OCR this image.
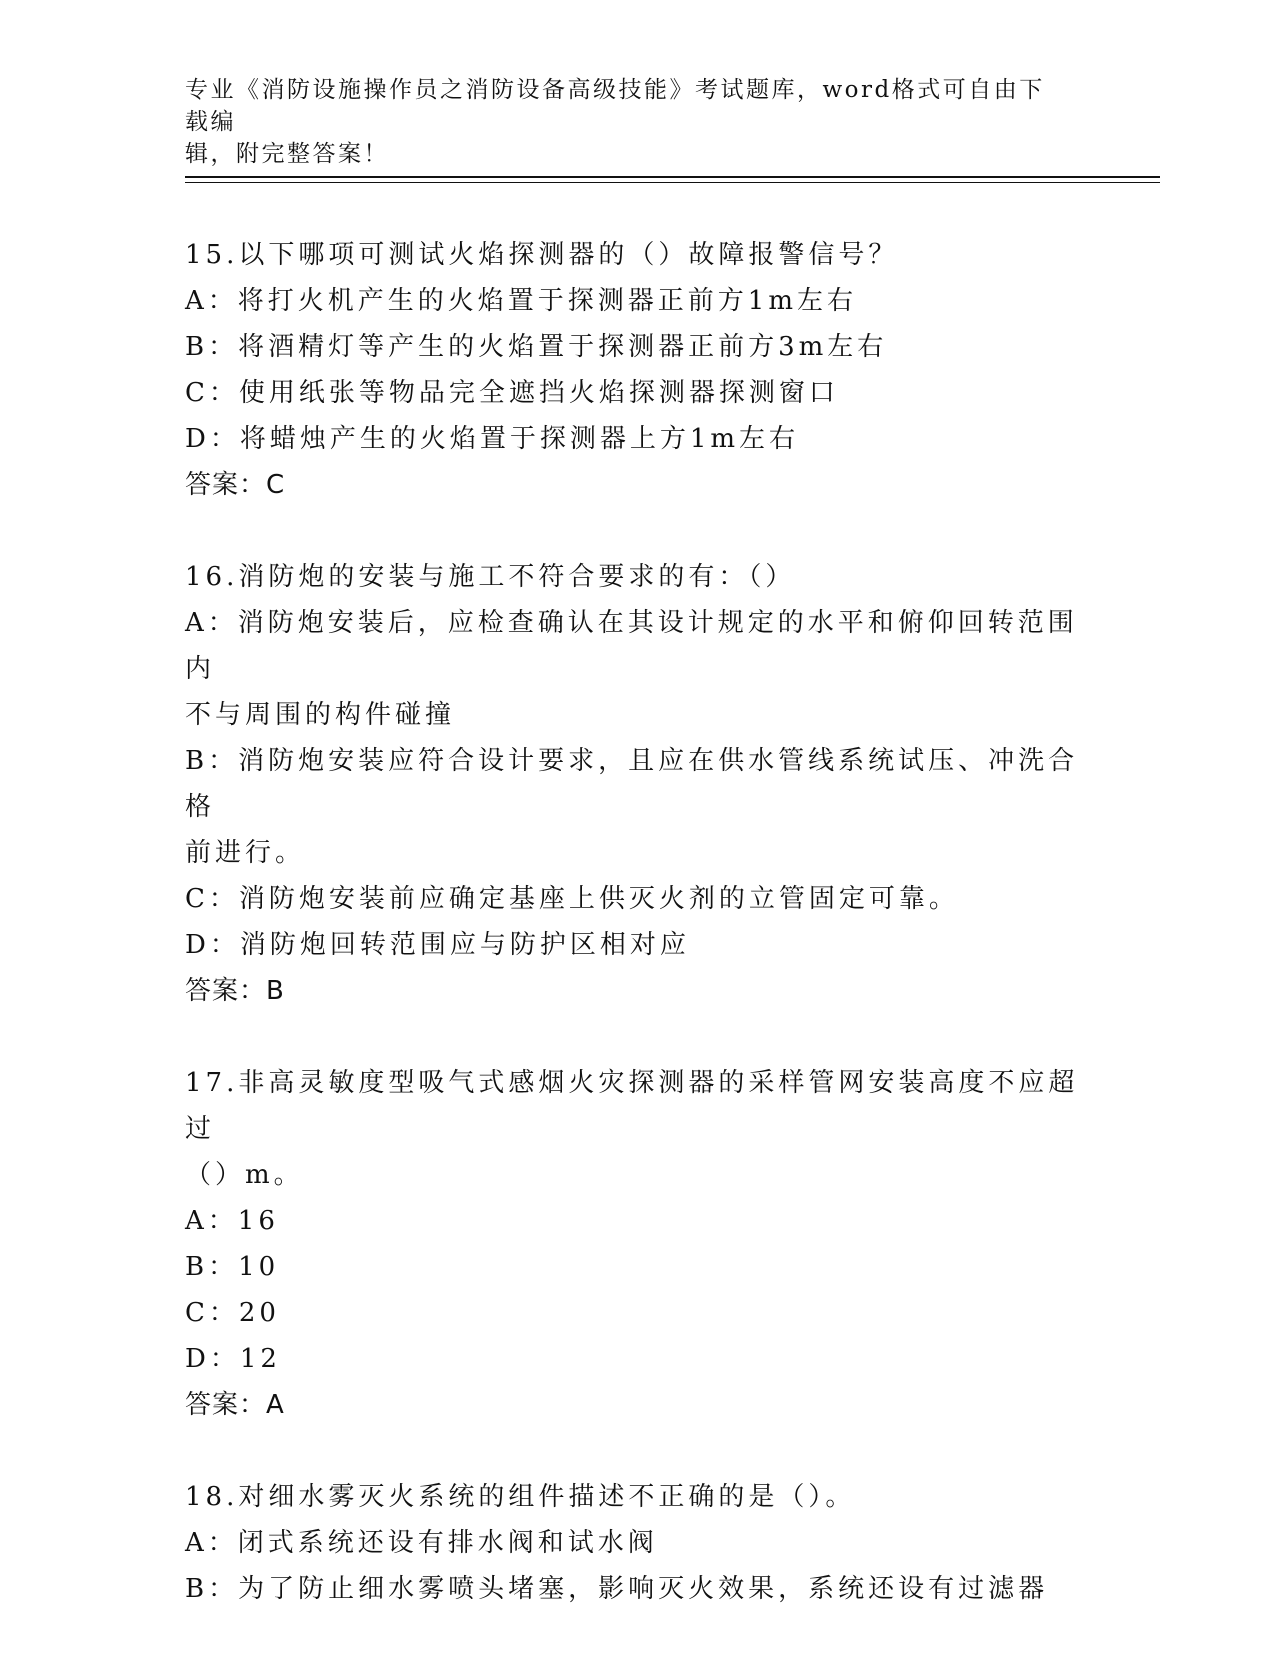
专业《消防设施操作员之消防设备高级技能》考试题库，word格式可自由下载编
辑，附完整答案！
15.以下哪项可测试火焰探测器的（）故障报警信号？
A：将打火机产生的火焰置于探测器正前方1m左右
B：将酒精灯等产生的火焰置于探测器正前方3m左右
C：使用纸张等物品完全遮挡火焰探测器探测窗口
D：将蜡烛产生的火焰置于探测器上方1m左右
答案：C
16.消防炮的安装与施工不符合要求的有：（）
A：消防炮安装后，应检查确认在其设计规定的水平和俯仰回转范围内
不与周围的构件碰撞
B：消防炮安装应符合设计要求，且应在供水管线系统试压、冲洗合格
前进行。
C：消防炮安装前应确定基座上供灭火剂的立管固定可靠。
D：消防炮回转范围应与防护区相对应
答案：B
17.非高灵敏度型吸气式感烟火灾探测器的采样管网安装高度不应超过
（）m。
A：16
B：10
C：20
D：12
答案：A
18.对细水雾灭火系统的组件描述不正确的是（）。
A：闭式系统还设有排水阀和试水阀
B：为了防止细水雾喷头堵塞，影响灭火效果，系统还设有过滤器
